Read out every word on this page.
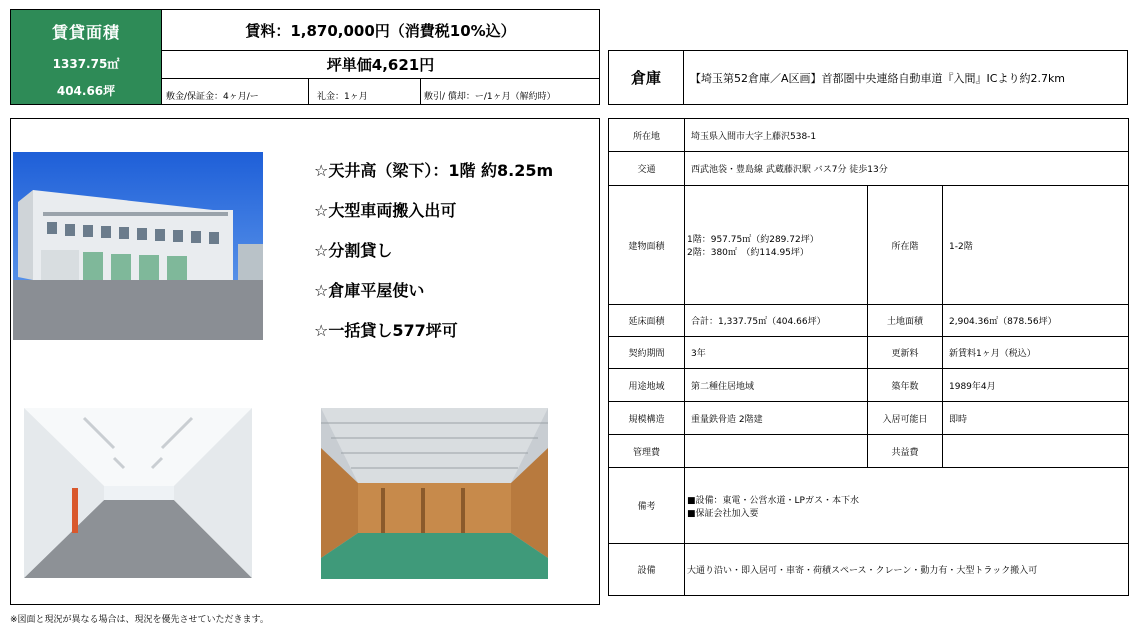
賃貸面積
1337.75㎡
404.66坪
賃料：1,870,000円（消費税10%込）
坪単価4,621円
敷金/保証金：4ヶ月/ー	礼金：1ヶ月	敷引/ 償却：ー/1ヶ月（解約時）
倉庫	【埼玉第52倉庫／A区画】首都圏中央連絡自動車道『入間』ICより約2.7km
☆天井高（梁下）：1階 約8.25m
☆大型車両搬入出可
☆分割貸し
☆倉庫平屋使い
☆一括貸し577坪可
所在地	埼玉県入間市大字上藤沢538-1		
交通	西武池袋・豊島線 武蔵藤沢駅 バス7分 徒歩13分		
建物面積	1階：957.75㎡（約289.72坪）
2階：380㎡　（約114.95坪）	所在階	1-2階
延床面積	合計：1,337.75㎡（404.66坪）	土地面積	2,904.36㎡（878.56坪）
契約期間	3年	更新料	新賃料1ヶ月（税込）
用途地域	第二種住居地域	築年数	1989年4月
規模構造	重量鉄骨造 2階建	入居可能日	即時
管理費		共益費	
備考	■設備：東電・公営水道・LPガス・本下水
■保証会社加入要		

設備	大通り沿い・即入居可・車寄・荷積スペース・クレーン・動力有・大型トラック搬入可		
※図面と現況が異なる場合は、現況を優先させていただきます。
